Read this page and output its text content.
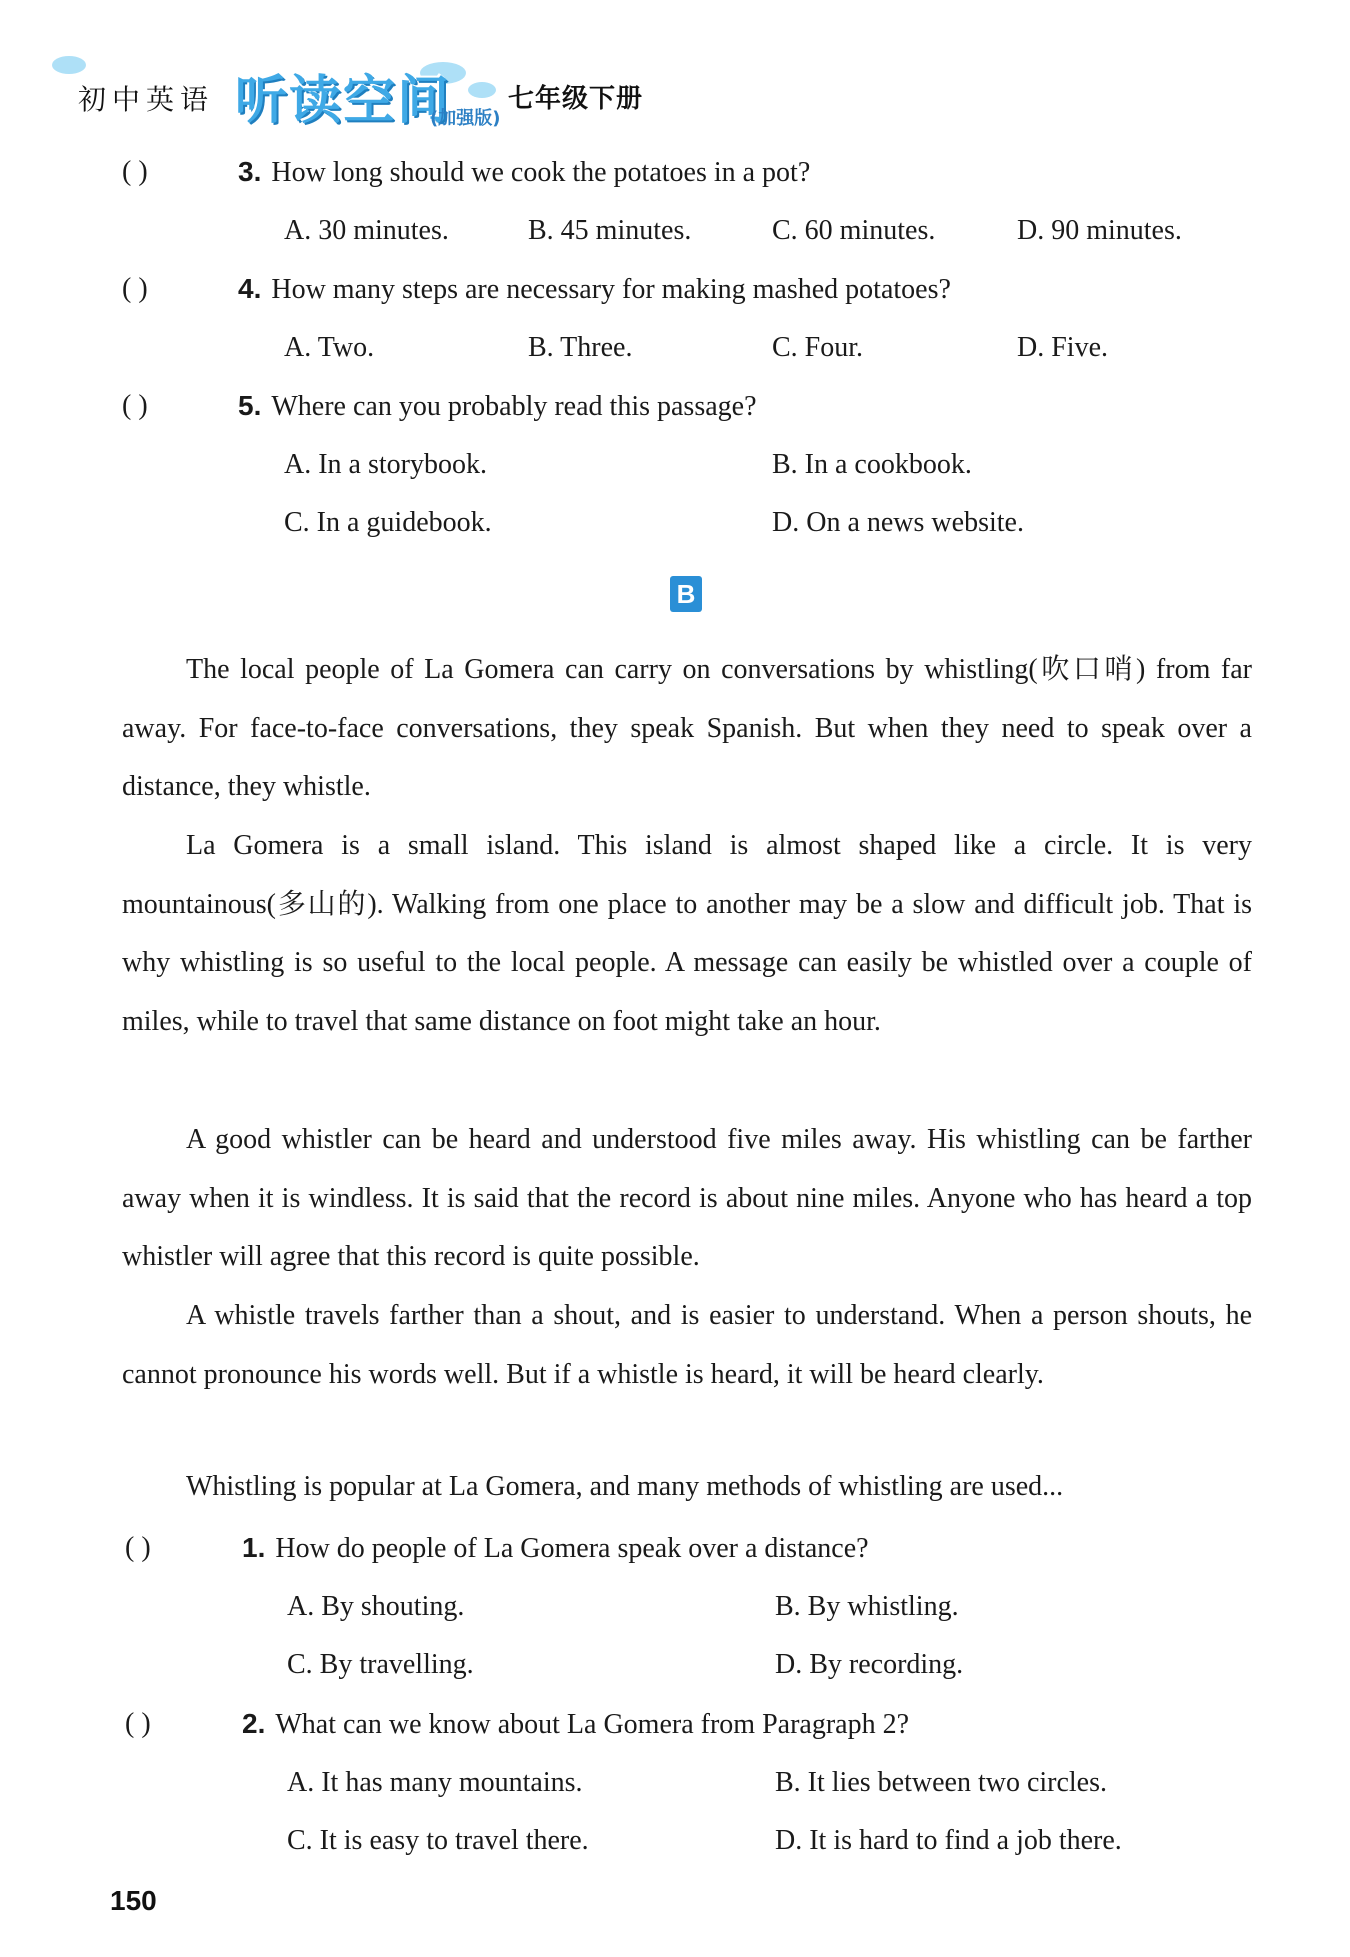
初中英语 听读空间
(加强版)
七年级下册
( )	3. How long should we cook the potatoes in a pot?
A. 30 minutes.	B. 45 minutes.	C. 60 minutes.	D. 90 minutes.
( )	4. How many steps are necessary for making mashed potatoes?
A. Two.	B. Three.	C. Four.	D. Five.
( )	5. Where can you probably read this passage?
A. In a storybook.	B. In a cookbook.
C. In a guidebook.	D. On a news website.
B
The local people of La Gomera can carry on conversations by whistling(吹口哨) from far away. For face-to-face conversations, they speak Spanish. But when they need to speak over a distance, they whistle.
La Gomera is a small island. This island is almost shaped like a circle. It is very mountainous(多山的). Walking from one place to another may be a slow and difficult job. That is why whistling is so useful to the local people. A message can easily be whistled over a couple of miles, while to travel that same distance on foot might take an hour.
A good whistler can be heard and understood five miles away. His whistling can be farther away when it is windless. It is said that the record is about nine miles. Anyone who has heard a top whistler will agree that this record is quite possible.
A whistle travels farther than a shout, and is easier to understand. When a person shouts, he cannot pronounce his words well. But if a whistle is heard, it will be heard clearly.
Whistling is popular at La Gomera, and many methods of whistling are used...
( )	1. How do people of La Gomera speak over a distance?
A. By shouting.	B. By whistling.
C. By travelling.	D. By recording.
( )	2. What can we know about La Gomera from Paragraph 2?
A. It has many mountains.	B. It lies between two circles.
C. It is easy to travel there.	D. It is hard to find a job there.
150
